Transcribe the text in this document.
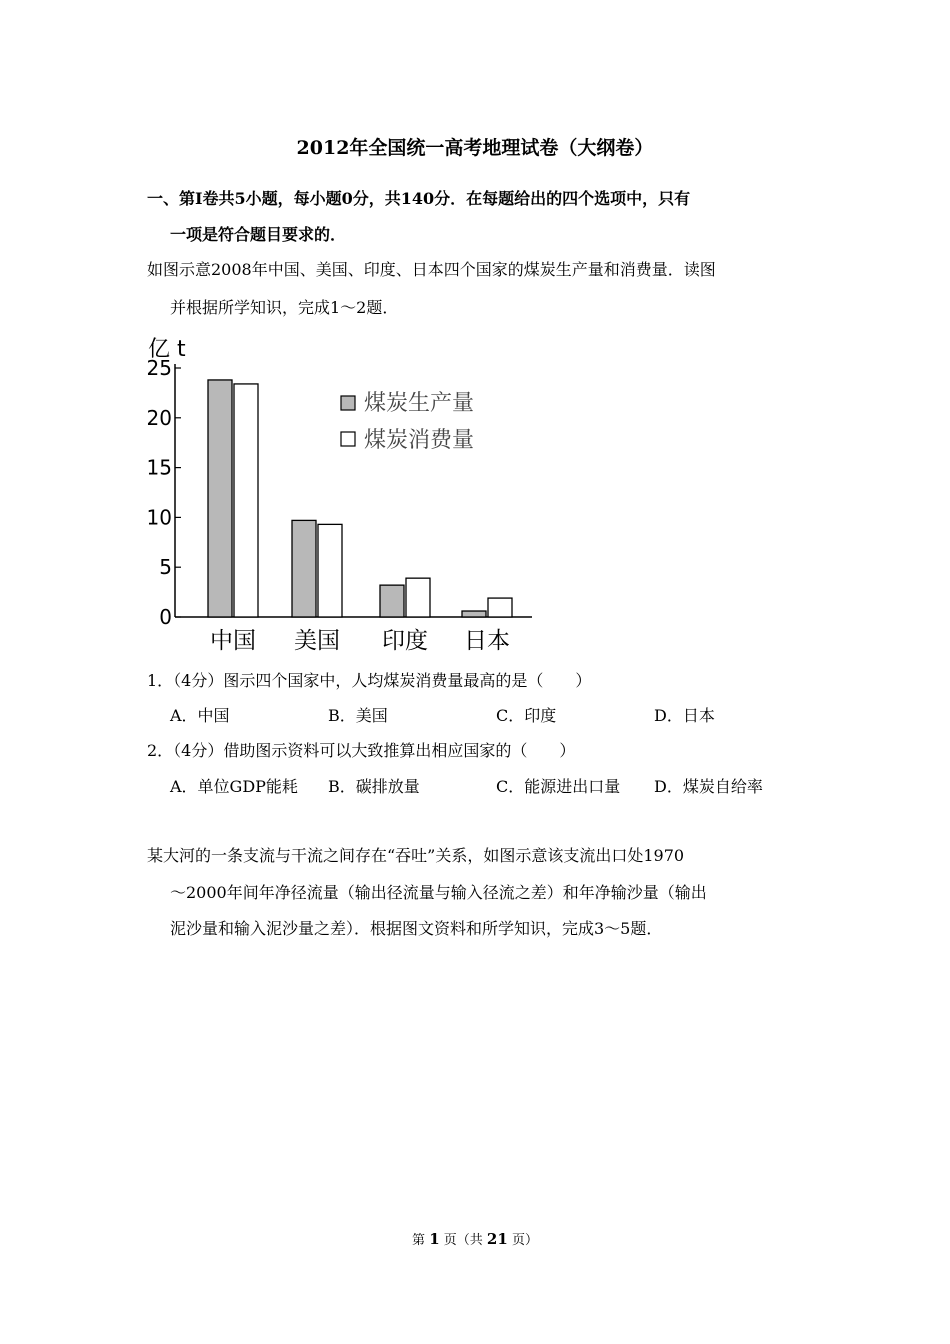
2012年全国统一高考地理试卷（大纲卷）
一、第Ⅰ卷共5小题，每小题0分，共140分．在每题给出的四个选项中，只有
一项是符合题目要求的．
如图示意2008年中国、美国、印度、日本四个国家的煤炭生产量和消费量．读图
并根据所学知识，完成1～2题．
亿 t
25
20
15
10
5
0
中国 美国 印度 日本
煤炭生产量
煤炭消费量
1．（4分）图示四个国家中，人均煤炭消费量最高的是（　　）
A．中国	B．美国	C．印度	D．日本
2．（4分）借助图示资料可以大致推算出相应国家的（　　）
A．单位GDP能耗 B．碳排放量	C．能源进出口量 D．煤炭自给率
某大河的一条支流与干流之间存在“吞吐”关系，如图示意该支流出口处1970
～2000年间年净径流量（输出径流量与输入径流之差）和年净输沙量（输出
泥沙量和输入泥沙量之差）．根据图文资料和所学知识，完成3～5题．
第 1 页（共 21 页）
